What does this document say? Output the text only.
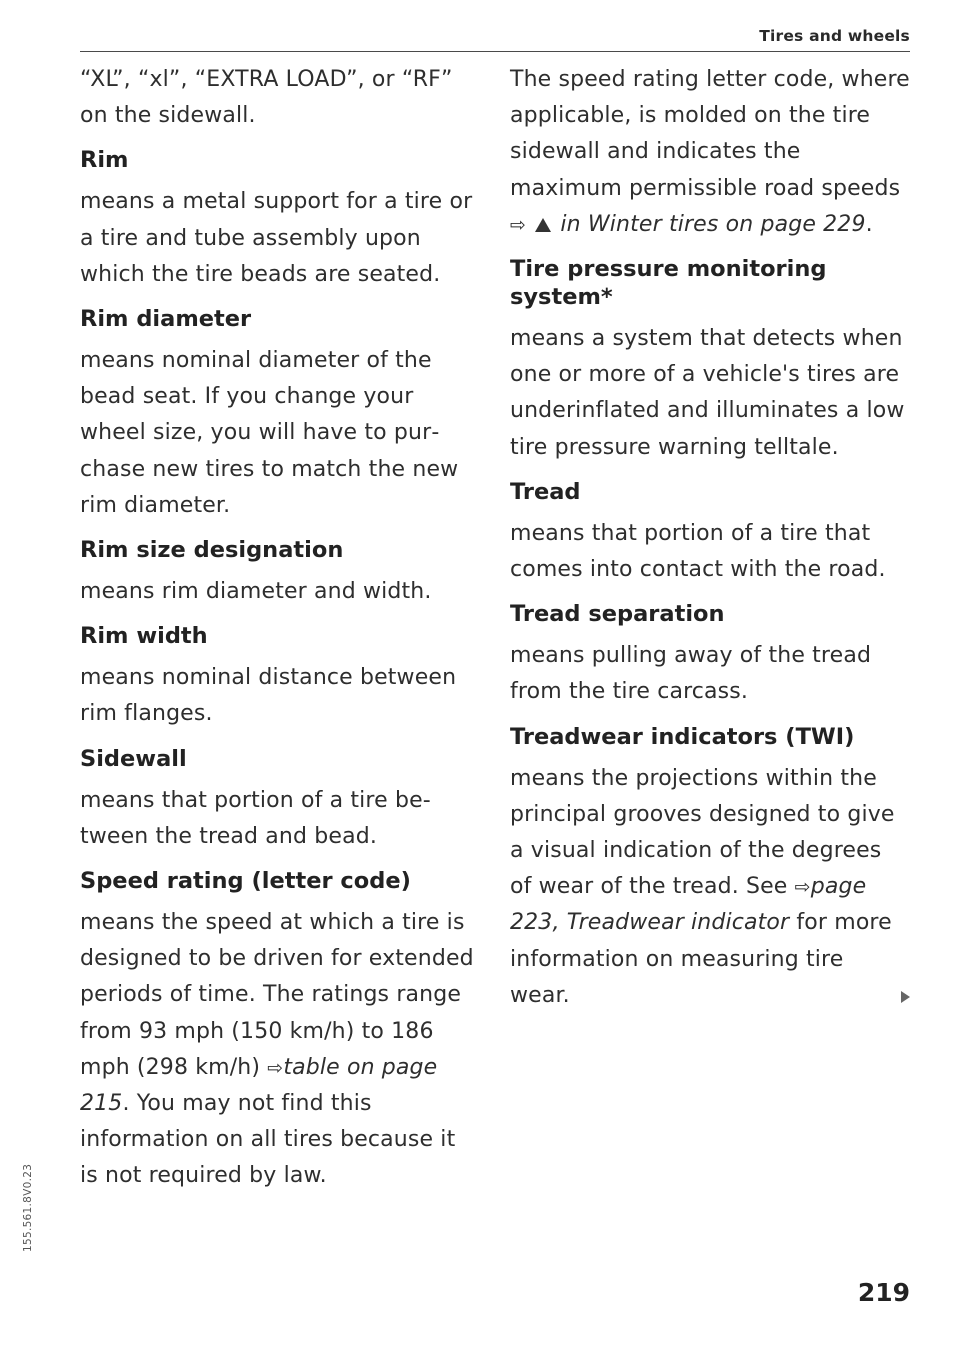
Tires and wheels
155.561.8V0.23

“XL”, “xl”, “EXTRA LOAD”, or “RF” on the sidewall.

Rim

means a metal support for a tire or a tire and tube assembly upon which the tire beads are seated.

Rim diameter

means nominal diameter of the bead seat. If you change your wheel size, you will have to purchase new tires to match the new rim diameter.

Rim size designation

means rim diameter and width.

Rim width

means nominal distance between rim flanges.

Sidewall

means that portion of a tire between the tread and bead.

Speed rating (letter code)

means the speed at which a tire is designed to be driven for extended periods of time. The ratings range from 93 mph (150 km/h) to 186 mph (298 km/h) ⇨table on page 215. You may not find this information on all tires because it is not required by law.

The speed rating letter code, where applicable, is molded on the tire sidewall and indicates the maximum permissible road speeds ⇨ in Winter tires on page 229.

Tire pressure monitoring system*

means a system that detects when one or more of a vehicle's tires are underinflated and illuminates a low tire pressure warning telltale.

Tread

means that portion of a tire that comes into contact with the road.

Tread separation

means pulling away of the tread from the tire carcass.

Treadwear indicators (TWI)

means the projections within the principal grooves designed to give a visual indication of the degrees of wear of the tread. See ⇨page 223, Treadwear indicator for more information on measuring tire wear.

219
